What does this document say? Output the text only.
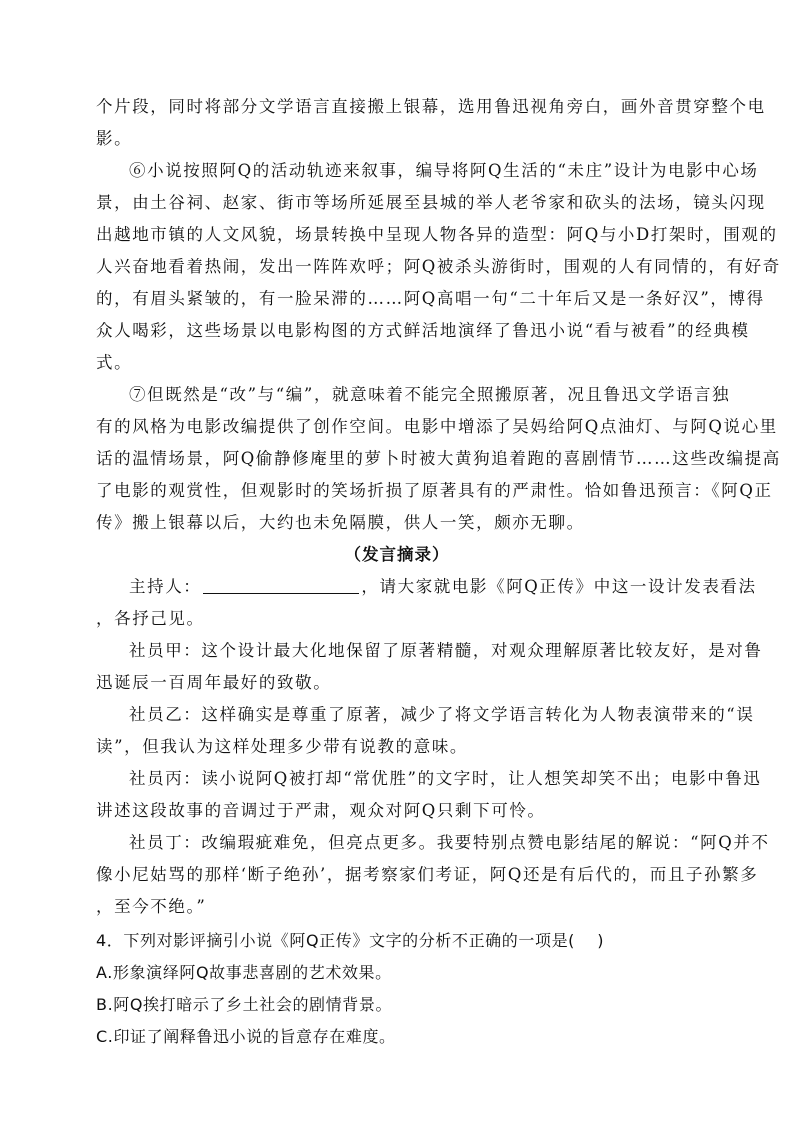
个片段，同时将部分文学语言直接搬上银幕，选用鲁迅视角旁白，画外音贯穿整个电
影。
⑥小说按照阿Q的活动轨迹来叙事，编导将阿Q生活的“未庄”设计为电影中心场
景，由土谷祠、赵家、街市等场所延展至县城的举人老爷家和砍头的法场，镜头闪现
出越地市镇的人文风貌，场景转换中呈现人物各异的造型：阿Q与小D打架时，围观的
人兴奋地看着热闹，发出一阵阵欢呼；阿Q被杀头游街时，围观的人有同情的，有好奇
的，有眉头紧皱的，有一脸呆滞的……阿Q高唱一句“二十年后又是一条好汉”，博得
众人喝彩，这些场景以电影构图的方式鲜活地演绎了鲁迅小说“看与被看”的经典模
式。
⑦但既然是“改”与“编”，就意味着不能完全照搬原著，况且鲁迅文学语言独
有的风格为电影改编提供了创作空间。电影中增添了吴妈给阿Q点油灯、与阿Q说心里
话的温情场景，阿Q偷静修庵里的萝卜时被大黄狗追着跑的喜剧情节……这些改编提高
了电影的观赏性，但观影时的笑场折损了原著具有的严肃性。恰如鲁迅预言：《阿Q正
传》搬上银幕以后，大约也未免隔膜，供人一笑，颇亦无聊。
（发言摘录）
主持人：	，请大家就电影《阿Q正传》中这一设计发表看法
，各抒己见。
社员甲：这个设计最大化地保留了原著精髓，对观众理解原著比较友好，是对鲁
迅诞辰一百周年最好的致敬。
社员乙：这样确实是尊重了原著，减少了将文学语言转化为人物表演带来的“误
读”，但我认为这样处理多少带有说教的意味。
社员丙：读小说阿Q被打却“常优胜”的文字时，让人想笑却笑不出；电影中鲁迅
讲述这段故事的音调过于严肃，观众对阿Q只剩下可怜。
社员丁：改编瑕疵难免，但亮点更多。我要特别点赞电影结尾的解说：“阿Q并不
像小尼姑骂的那样‘断子绝孙’，据考察家们考证，阿Q还是有后代的，而且子孙繁多
，至今不绝。”
4．下列对影评摘引小说《阿Q正传》文字的分析不正确的一项是(　 )
A.形象演绎阿Q故事悲喜剧的艺术效果。
B.阿Q挨打暗示了乡土社会的剧情背景。
C.印证了阐释鲁迅小说的旨意存在难度。
